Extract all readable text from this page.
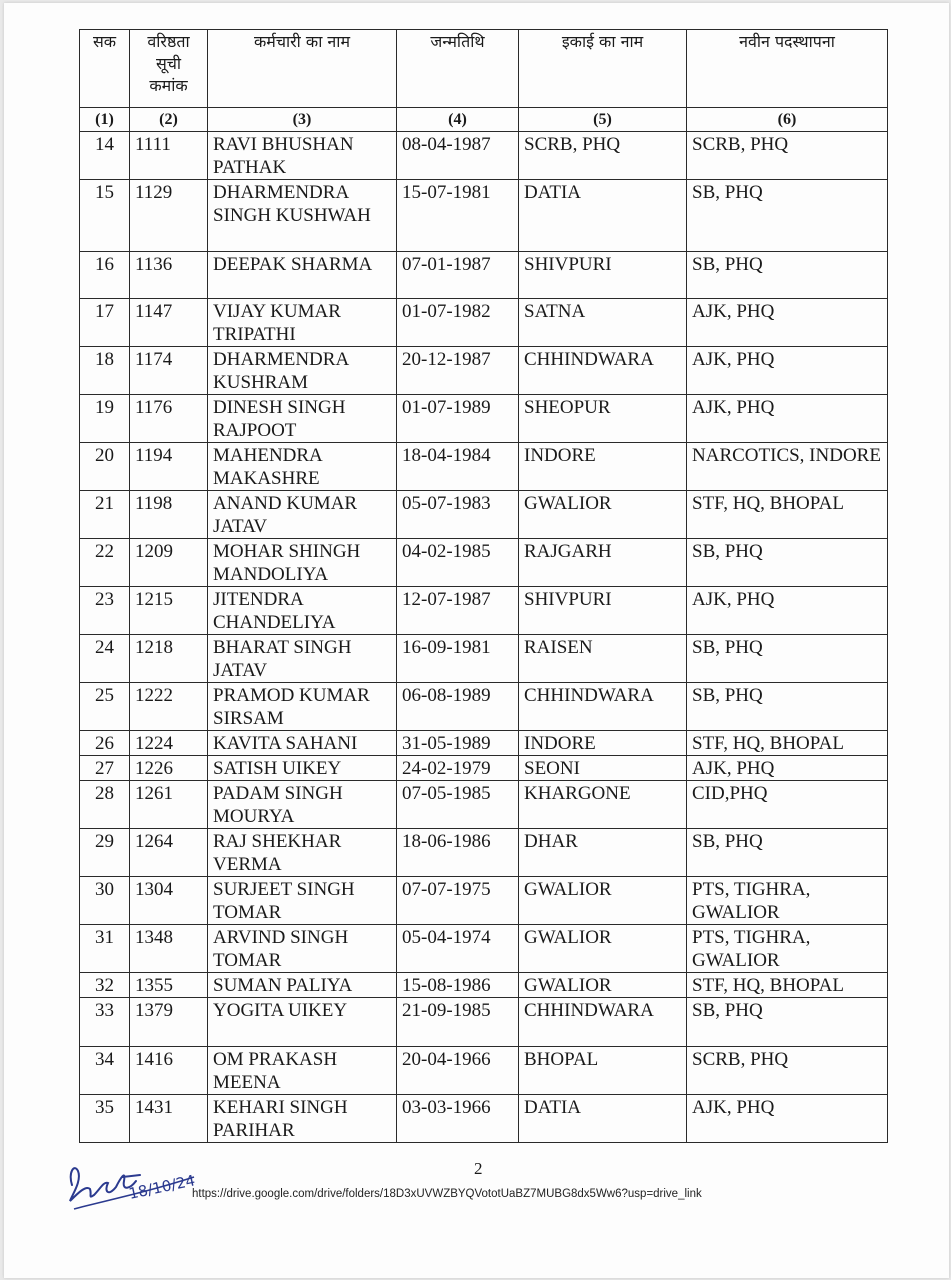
सक	वरिष्ठता सूची कमांक	कर्मचारी का नाम	जन्मतिथि	इकाई का नाम	नवीन पदस्थापना
(1)	(2)	(3)	(4)	(5)	(6)
14	1111	RAVI BHUSHAN PATHAK	08-04-1987	SCRB, PHQ	SCRB, PHQ
15	1129	DHARMENDRA SINGH KUSHWAH	15-07-1981	DATIA	SB, PHQ
16	1136	DEEPAK SHARMA	07-01-1987	SHIVPURI	SB, PHQ
17	1147	VIJAY KUMAR TRIPATHI	01-07-1982	SATNA	AJK, PHQ
18	1174	DHARMENDRA KUSHRAM	20-12-1987	CHHINDWARA	AJK, PHQ
19	1176	DINESH SINGH RAJPOOT	01-07-1989	SHEOPUR	AJK, PHQ
20	1194	MAHENDRA MAKASHRE	18-04-1984	INDORE	NARCOTICS, INDORE
21	1198	ANAND KUMAR JATAV	05-07-1983	GWALIOR	STF, HQ, BHOPAL
22	1209	MOHAR SHINGH MANDOLIYA	04-02-1985	RAJGARH	SB, PHQ
23	1215	JITENDRA CHANDELIYA	12-07-1987	SHIVPURI	AJK, PHQ
24	1218	BHARAT SINGH JATAV	16-09-1981	RAISEN	SB, PHQ
25	1222	PRAMOD KUMAR SIRSAM	06-08-1989	CHHINDWARA	SB, PHQ
26	1224	KAVITA SAHANI	31-05-1989	INDORE	STF, HQ, BHOPAL
27	1226	SATISH UIKEY	24-02-1979	SEONI	AJK, PHQ
28	1261	PADAM SINGH MOURYA	07-05-1985	KHARGONE	CID,PHQ
29	1264	RAJ SHEKHAR VERMA	18-06-1986	DHAR	SB, PHQ
30	1304	SURJEET SINGH TOMAR	07-07-1975	GWALIOR	PTS, TIGHRA, GWALIOR
31	1348	ARVIND SINGH TOMAR	05-04-1974	GWALIOR	PTS, TIGHRA, GWALIOR
32	1355	SUMAN PALIYA	15-08-1986	GWALIOR	STF, HQ, BHOPAL
33	1379	YOGITA UIKEY	21-09-1985	CHHINDWARA	SB, PHQ
34	1416	OM PRAKASH MEENA	20-04-1966	BHOPAL	SCRB, PHQ
35	1431	KEHARI SINGH PARIHAR	03-03-1966	DATIA	AJK, PHQ
18/10/24
2
https://drive.google.com/drive/folders/18D3xUVWZBYQVototUaBZ7MUBG8dx5Ww6?usp=drive_link
